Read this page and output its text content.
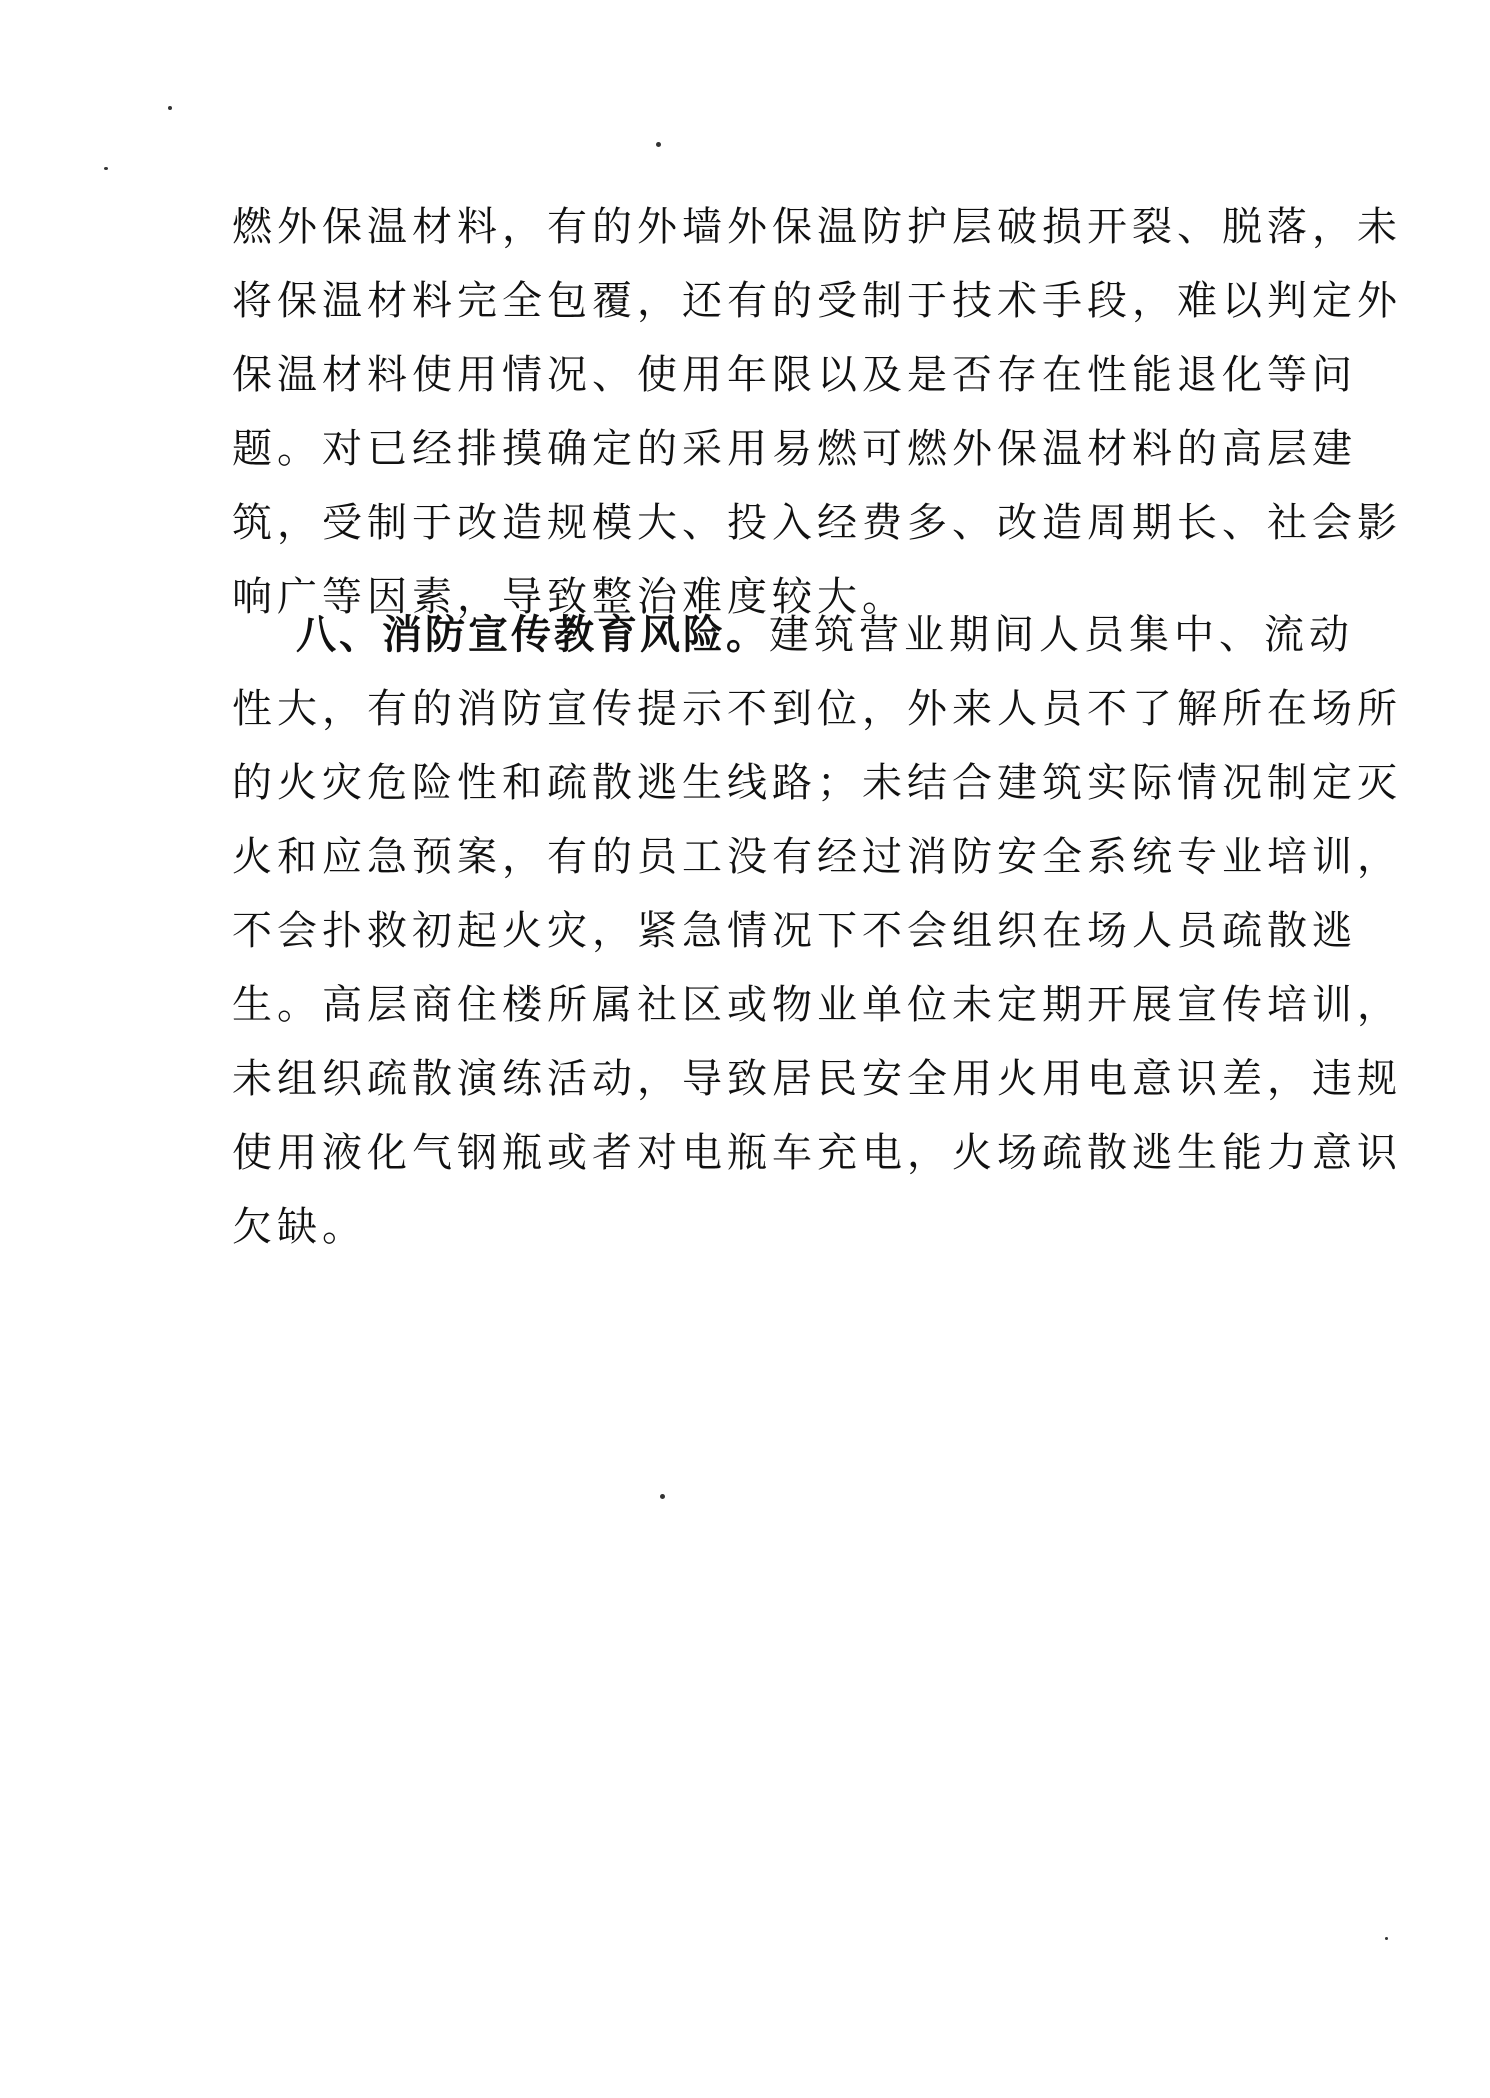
燃外保温材料，有的外墙外保温防护层破损开裂、脱落，未
将保温材料完全包覆，还有的受制于技术手段，难以判定外
保温材料使用情况、使用年限以及是否存在性能退化等问
题。对已经排摸确定的采用易燃可燃外保温材料的高层建
筑，受制于改造规模大、投入经费多、改造周期长、社会影
响广等因素，导致整治难度较大。
八、消防宣传教育风险。建筑营业期间人员集中、流动
性大，有的消防宣传提示不到位，外来人员不了解所在场所
的火灾危险性和疏散逃生线路；未结合建筑实际情况制定灭
火和应急预案，有的员工没有经过消防安全系统专业培训，
不会扑救初起火灾，紧急情况下不会组织在场人员疏散逃
生。高层商住楼所属社区或物业单位未定期开展宣传培训，
未组织疏散演练活动，导致居民安全用火用电意识差，违规
使用液化气钢瓶或者对电瓶车充电，火场疏散逃生能力意识
欠缺。
